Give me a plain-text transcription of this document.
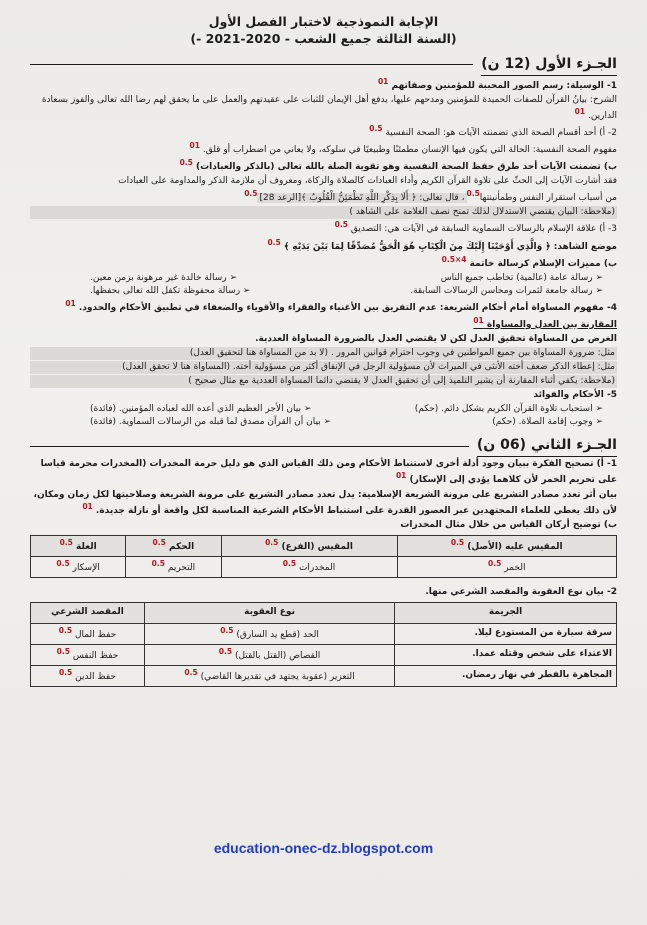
الإجابة النموذجية لاختبار الفصل الأول
(السنة الثالثة جميع الشعب - 2020-2021 -)
الجـزء الأول (12 ن)

1- الوسيلة: رسم الصور المحببة للمؤمنين وصفاتهم $^{01}$

الشرح: بيانُ القرآن للصفات الحميدة للمؤمنين ومدحهم عليها، يدفع أهل الإيمان للثبات على عقيدتهم والعمل على ما يحقق لهم رضا الله تعالى والفوز بسعادة الدارين. $^{01}$

2- أ) أحد أقسام الصحة الذي تضمنته الآيات هو: الصحة النفسية $^{0.5}$

مفهوم الصحة النفسية: الحالة التي يكون فيها الإنسان مطمئنًا وطبيعيًا في سلوكه، ولا يعاني من اضطراب أو قلق. $^{01}$

ب) تضمنت الآيات أحد طرق حفظ الصحة النفسية وهو تقوية الصلة بالله تعالى (بالذكر والعبادات) $^{0.5}$

فقد أشارت الآيات إلى الحثّ على تلاوة القرآن الكريم وأداء العبادات كالصلاة والزكاة، ومعروف أن ملازمة الذكر والمداومة على العبادات

من أسباب استقرار النفس وطمأنينتها$^{0.5}$، قال تعالى: ﴿ أَلَا بِذِكْرِ اللَّهِ تَطْمَئِنُّ الْقُلُوبُ ﴾[الرعد 28]$^{0.5}$

(ملاحظة: البيان يقتضي الاستدلال لذلك تمنح نصف العلامة على الشاهد )

3- أ) علاقة الإسلام بالرسالات السماوية السابقة في الآيات هي: التصديق $^{0.5}$

موضع الشاهد: ﴿ وَالَّذِي أَوْحَيْنَا إِلَيْكَ مِنَ الْكِتَابِ هُوَ الْحَقُّ مُصَدِّقًا لِمَا بَيْنَ يَدَيْهِ ﴾ $^{0.5}$

ب) مميزات الإسلام كرسالة خاتمة $^{4\times 0.5}$

➢ رسالة عامة (عالمية) تخاطب جميع الناس
➢ رسالة خالدة غير مرهونة بزمن معين.
➢ رسالة جامعة لثمرات ومحاسن الرسالات السابقة.
➢ رسالة محفوظة تكفل الله تعالى بحفظها.

4- مفهوم المساواة أمام أحكام الشريعة: عدم التفريق بين الأغنياء والفقراء والأقوياء والضعفاء في تطبيق الأحكام والحدود. $^{01}$

المقارنة بين العدل والمساواة $^{01}$

الغرض من المساواة تحقيق العدل لكن لا يقتضي العدل بالضرورة المساواة العددية.

مثل: ضرورة المساواة بين جميع المواطنين في وجوب احترام قوانين المرور . (لا بد من المساواة هنا لتحقيق العدل)

مثل: إعطاء الذكر ضعف أخته الأنثى في الميراث لأن مسؤولية الرجل في الإنفاق أكثر من مسؤولية أخته. (المساواة هنا لا تحقق العدل)

(ملاحظة: يكفي أثناء المقارنة أن يشير التلميذ إلى أن تحقيق العدل لا يقتضي دائما المساواة العددية مع مثال صحيح )

5- الأحكام والفوائد

➢ استحباب تلاوة القرآن الكريم بشكل دائم. (حكم)
➢ بيان الأجر العظيم الذي أعده الله لعباده المؤمنين. (فائدة)
➢ وجوب إقامة الصلاة. (حكم)
➢ بيان أن القرآن مصدق لما قبله من الرسالات السماوية. (فائدة)
الجـزء الثاني (06 ن)

1- أ) تصحيح الفكرة ببيان وجود أدلة أخرى لاستنباط الأحكام ومن ذلك القياس الذي هو دليل حرمة المخدرات (المخدرات محرمة قياسا على تحريم الخمر لأن كلاهما يؤدي إلى الإسكار) $^{01}$

بيان أثر تعدد مصادر التشريع على مرونة الشريعة الإسلامية: يدل تعدد مصادر التشريع على مرونة الشريعة وصلاحيتها لكل زمان ومكان، لأن ذلك يعطي للعلماء المجتهدين عبر العصور القدرة على استنباط الأحكام الشرعية المناسبة لكل واقعة أو نازلة جديدة. $^{01}$

ب) توضيح أركان القياس من خلال مثال المخدرات

المقيس عليه (الأصل) $^{0.5}$	المقيس (الفرع) $^{0.5}$	الحكم $^{0.5}$	العلة $^{0.5}$
الخمر $^{0.5}$	المخدرات $^{0.5}$	التحريم $^{0.5}$	الإسكار $^{0.5}$

2- بيان نوع العقوبة والمقصد الشرعي منها.

الجريمة	نوع العقوبة	المقصد الشرعي
سرقة سيارة من المستودع ليلا.	الحد (قطع يد السارق) $^{0.5}$	حفظ المال $^{0.5}$
الاعتداء على شخص وقتله عمدا.	القصاص (القتل بالقتل) $^{0.5}$	حفظ النفس $^{0.5}$
المجاهرة بالفطر في نهار رمضان.	التعزير (عقوبة يجتهد في تقديرها القاضي) $^{0.5}$	حفظ الدين $^{0.5}$
education-onec-dz.blogspot.com
